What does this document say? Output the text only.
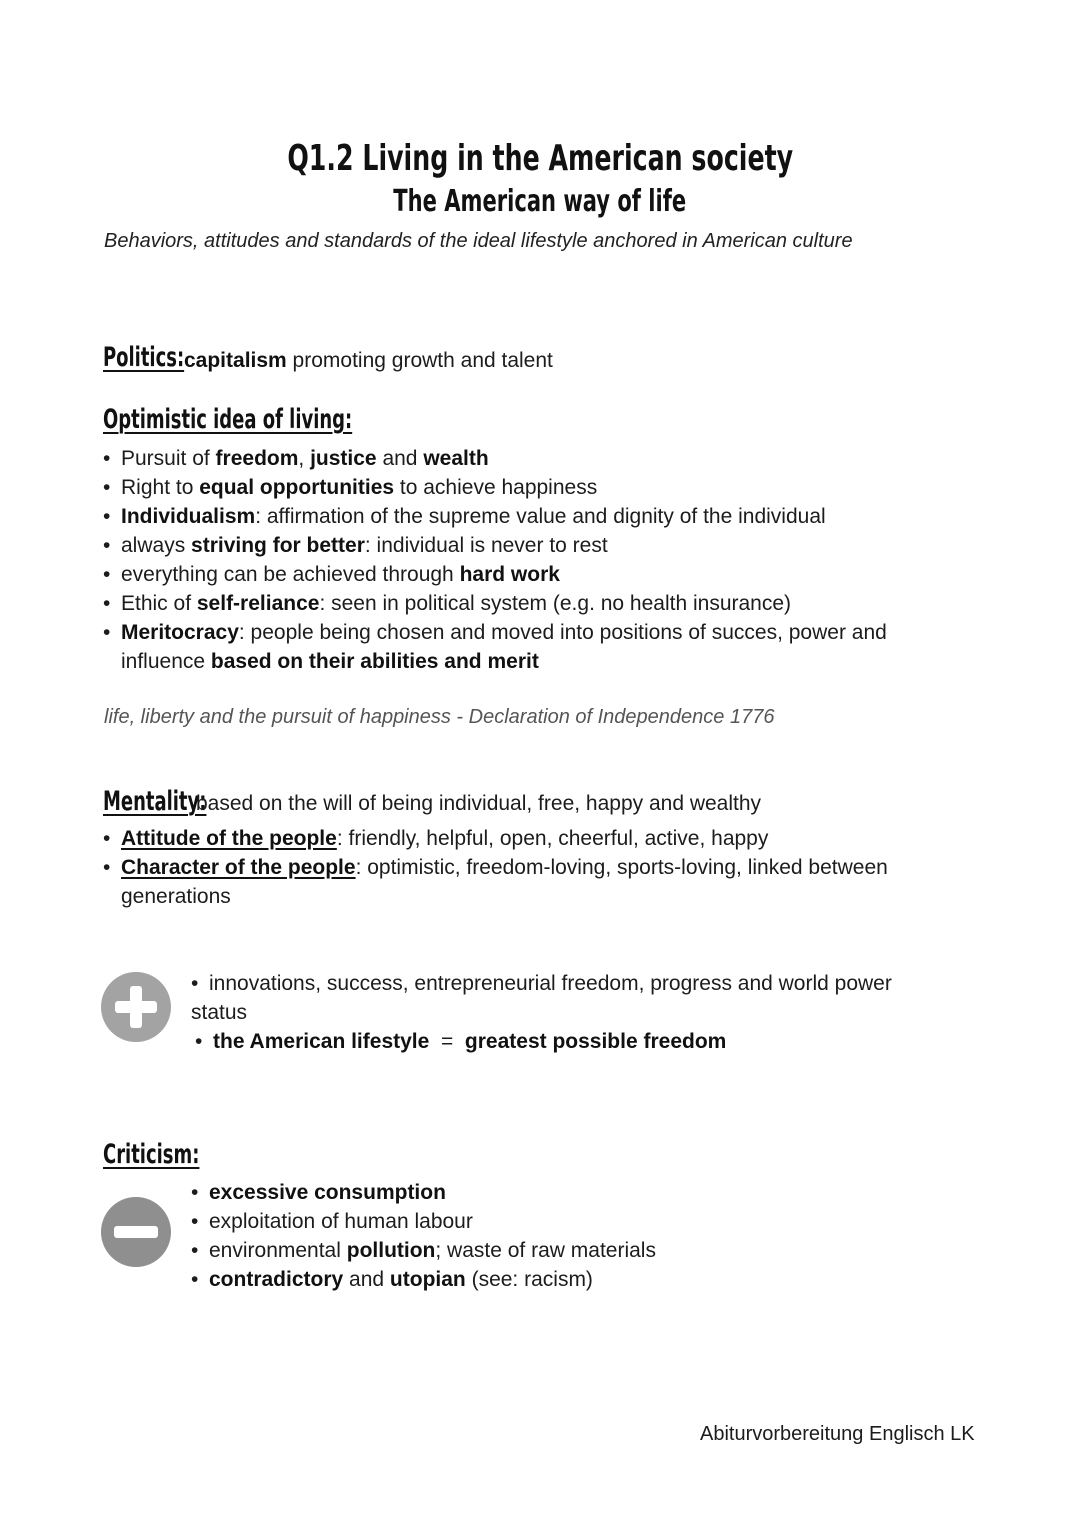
Q1.2 Living in the American society
The American way of life
Behaviors, attitudes and standards of the ideal lifestyle anchored in American culture
Politics: capitalism promoting growth and talent
Optimistic idea of living:
• Pursuit of freedom, justice and wealth
• Right to equal opportunities to achieve happiness
• Individualism: affirmation of the supreme value and dignity of the individual
• always striving for better: individual is never to rest
• everything can be achieved through hard work
• Ethic of self-reliance: seen in political system (e.g. no health insurance)
• Meritocracy: people being chosen and moved into positions of succes, power and
influence based on their abilities and merit
life, liberty and the pursuit of happiness - Declaration of Independence 1776
Mentality:
based on the will of being individual, free, happy and wealthy
• Attitude of the people: friendly, helpful, open, cheerful, active, happy
• Character of the people: optimistic, freedom-loving, sports-loving, linked between
generations
• innovations, success, entrepreneurial freedom, progress and world power
status
• the American lifestyle  =  greatest possible freedom
Criticism:
• excessive consumption
• exploitation of human labour
• environmental pollution; waste of raw materials
• contradictory and utopian (see: racism)
Abiturvorbereitung Englisch LK
